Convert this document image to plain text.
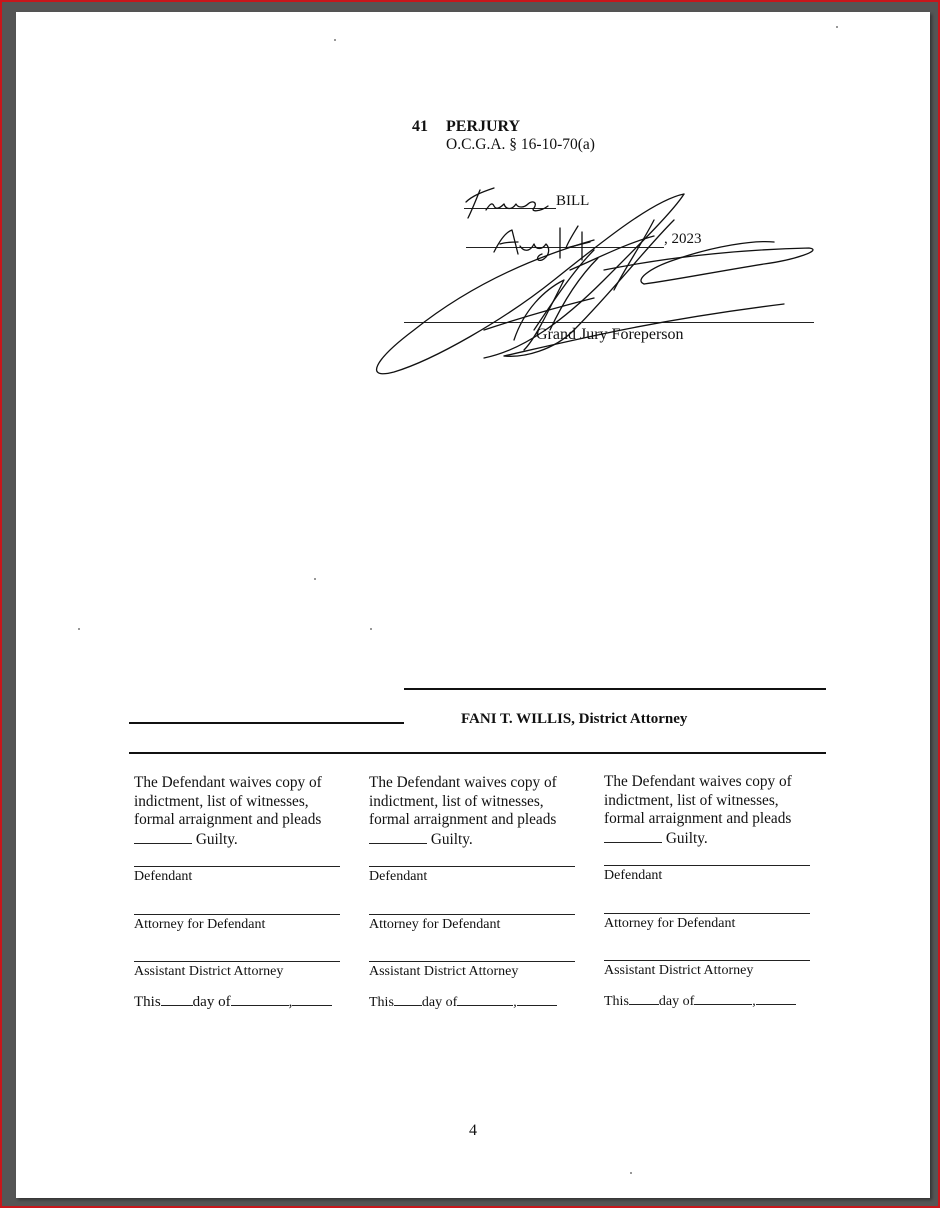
41 PERJURY
O.C.G.A. § 16-10-70(a)
BILL
, 2023
Grand Jury Foreperson
FANI T. WILLIS, District Attorney
The Defendant waives copy of indictment, list of witnesses, formal arraignment and pleads  Guilty.
Defendant
Attorney for Defendant
Assistant District Attorney
This day of	,
The Defendant waives copy of indictment, list of witnesses, formal arraignment and pleads  Guilty.
Defendant
Attorney for Defendant
Assistant District Attorney
This day of	,
The Defendant waives copy of indictment, list of witnesses, formal arraignment and pleads  Guilty.
Defendant
Attorney for Defendant
Assistant District Attorney
This day of	,
4
